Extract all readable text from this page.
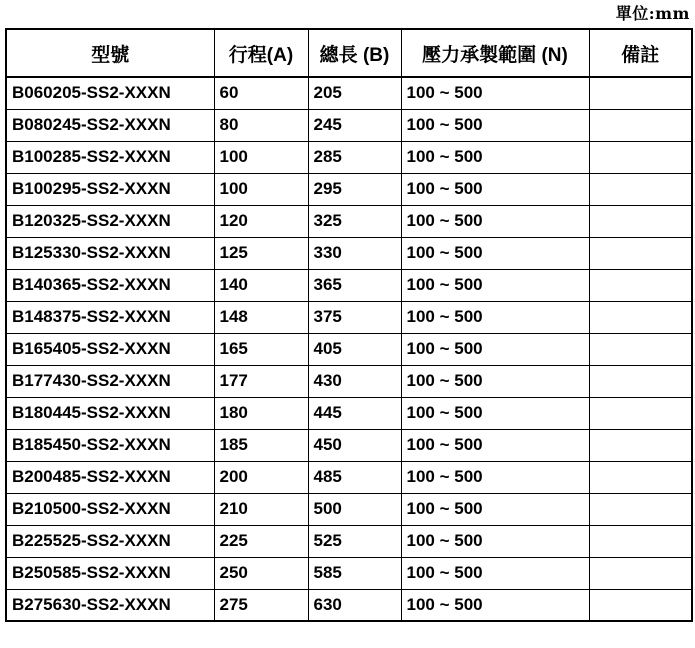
單位:mm
型號	行程(A)	總長 (B)	壓力承製範圍 (N)	備註
B060205-SS2-XXXN	60	205	100 ~ 500	
B080245-SS2-XXXN	80	245	100 ~ 500	
B100285-SS2-XXXN	100	285	100 ~ 500	
B100295-SS2-XXXN	100	295	100 ~ 500	
B120325-SS2-XXXN	120	325	100 ~ 500	
B125330-SS2-XXXN	125	330	100 ~ 500	
B140365-SS2-XXXN	140	365	100 ~ 500	
B148375-SS2-XXXN	148	375	100 ~ 500	
B165405-SS2-XXXN	165	405	100 ~ 500	
B177430-SS2-XXXN	177	430	100 ~ 500	
B180445-SS2-XXXN	180	445	100 ~ 500	
B185450-SS2-XXXN	185	450	100 ~ 500	
B200485-SS2-XXXN	200	485	100 ~ 500	
B210500-SS2-XXXN	210	500	100 ~ 500	
B225525-SS2-XXXN	225	525	100 ~ 500	
B250585-SS2-XXXN	250	585	100 ~ 500	
B275630-SS2-XXXN	275	630	100 ~ 500	
